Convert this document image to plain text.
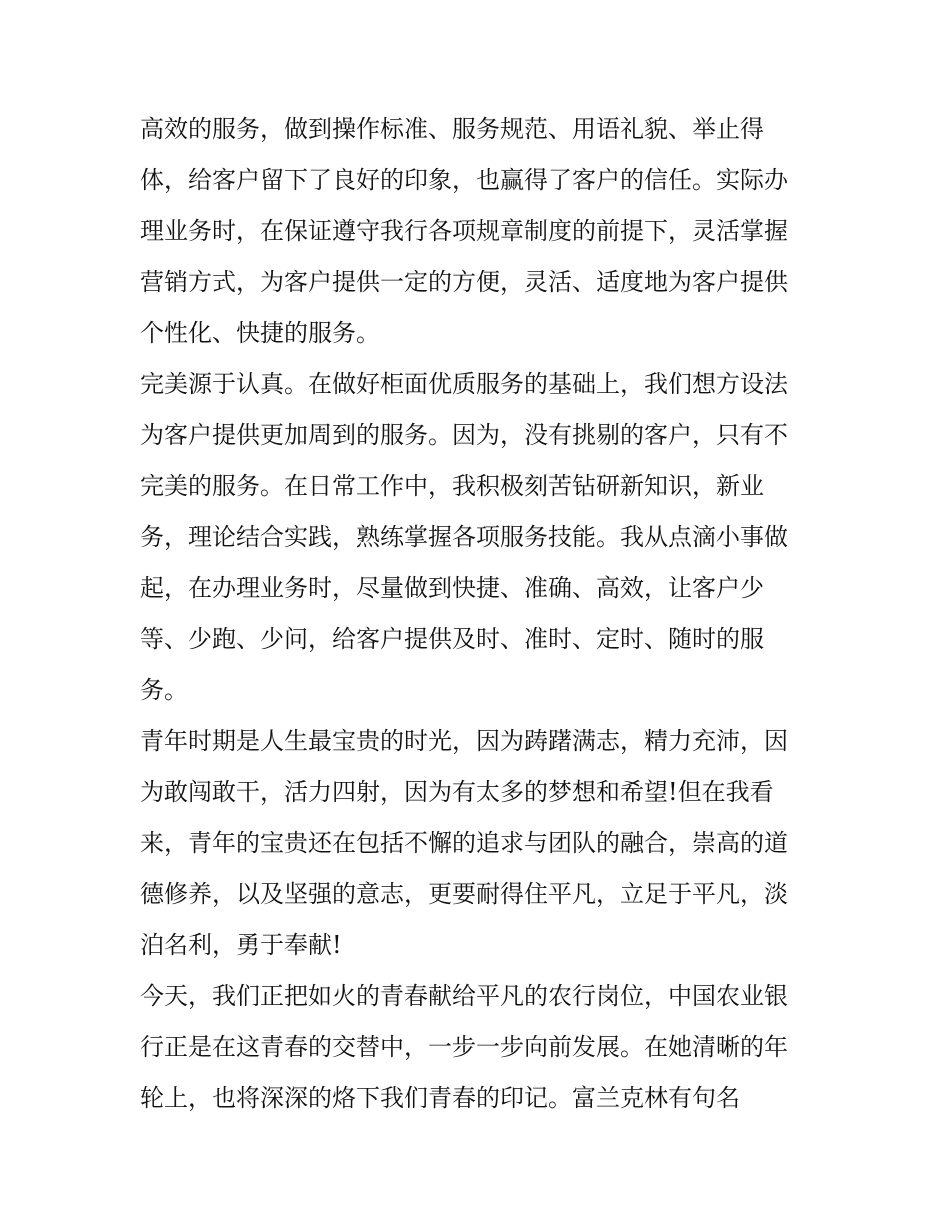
高效的服务，做到操作标准、服务规范、用语礼貌、举止得
体，给客户留下了良好的印象，也赢得了客户的信任。实际办
理业务时，在保证遵守我行各项规章制度的前提下，灵活掌握
营销方式，为客户提供一定的方便，灵活、适度地为客户提供
个性化、快捷的服务。
完美源于认真。在做好柜面优质服务的基础上，我们想方设法
为客户提供更加周到的服务。因为，没有挑剔的客户，只有不
完美的服务。在日常工作中，我积极刻苦钻研新知识，新业
务，理论结合实践，熟练掌握各项服务技能。我从点滴小事做
起，在办理业务时，尽量做到快捷、准确、高效，让客户少
等、少跑、少问，给客户提供及时、准时、定时、随时的服
务。
青年时期是人生最宝贵的时光，因为踌躇满志，精力充沛，因
为敢闯敢干，活力四射，因为有太多的梦想和希望!但在我看
来，青年的宝贵还在包括不懈的追求与团队的融合，崇高的道
德修养，以及坚强的意志，更要耐得住平凡，立足于平凡，淡
泊名利，勇于奉献!
今天，我们正把如火的青春献给平凡的农行岗位，中国农业银
行正是在这青春的交替中，一步一步向前发展。在她清晰的年
轮上，也将深深的烙下我们青春的印记。富兰克林有句名
